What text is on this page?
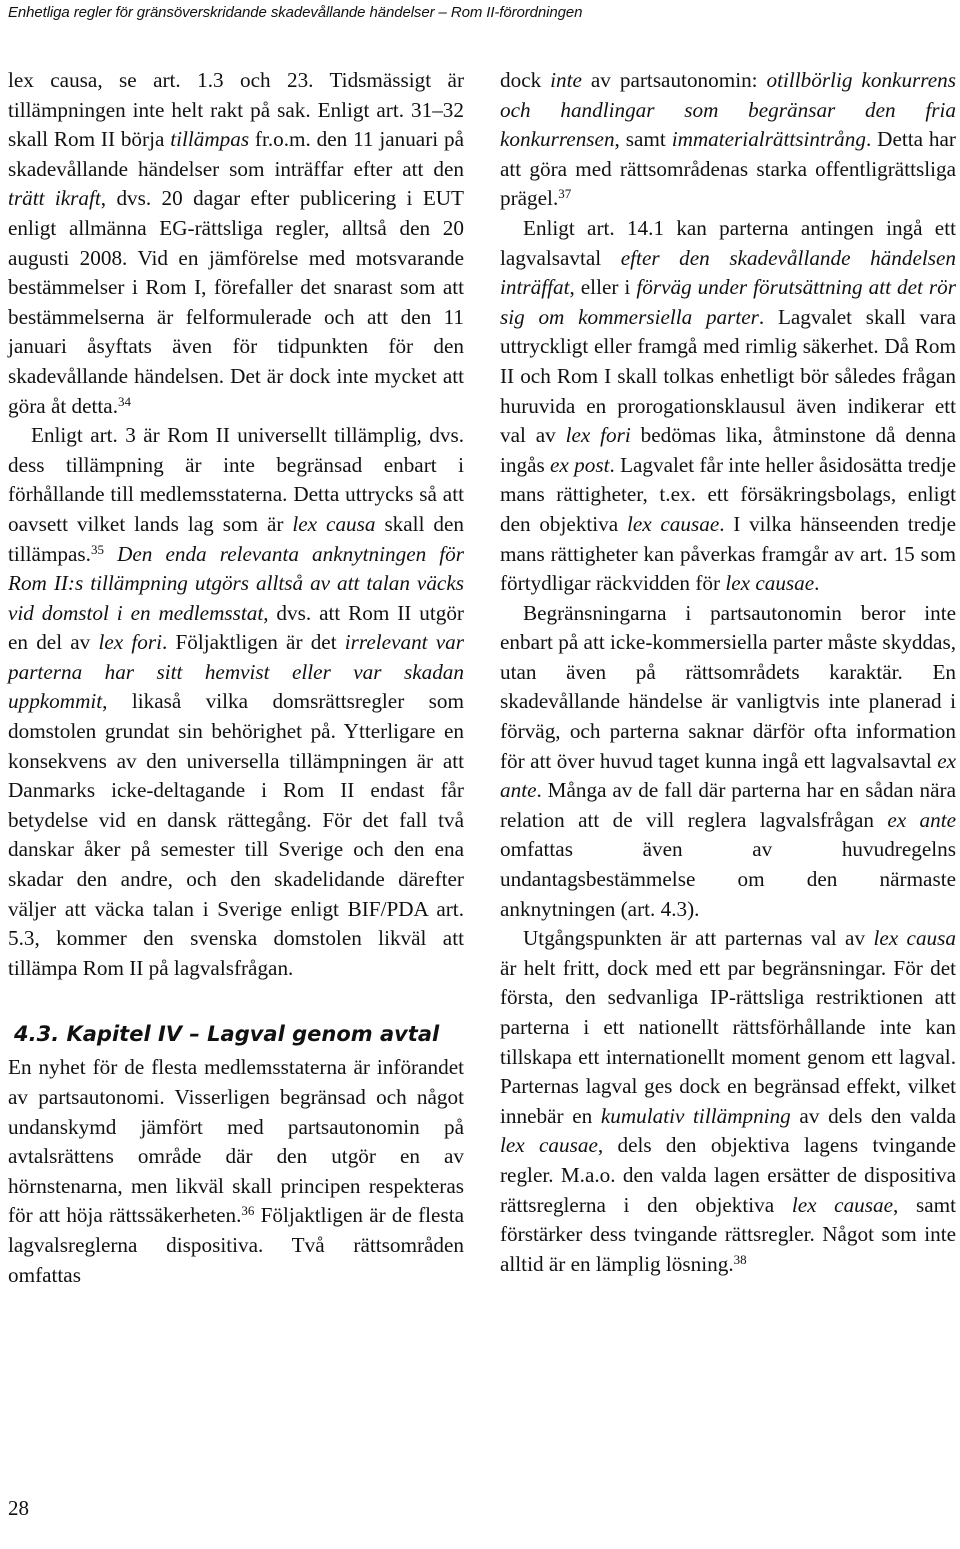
Enhetliga regler för gränsöverskridande skadevållande händelser – Rom II-förordningen

lex causa, se art. 1.3 och 23. Tidsmässigt är tillämpningen inte helt rakt på sak. Enligt art. 31–32 skall Rom II börja tillämpas fr.o.m. den 11 januari på skadevållande händelser som inträffar efter att den trätt ikraft, dvs. 20 dagar efter publicering i EUT enligt allmänna EG-rättsliga regler, alltså den 20 augusti 2008. Vid en jämförelse med motsvarande bestämmelser i Rom I, förefaller det snarast som att bestämmelserna är felformulerade och att den 11 januari åsyftats även för tidpunkten för den skadevållande händelsen. Det är dock inte mycket att göra åt detta.$^{34}$

Enligt art. 3 är Rom II universellt tillämplig, dvs. dess tillämpning är inte begränsad enbart i förhållande till medlemsstaterna. Detta uttrycks så att oavsett vilket lands lag som är lex causa skall den tillämpas.$^{35}$ Den enda relevanta anknytningen för Rom II:s tillämpning utgörs alltså av att talan väcks vid domstol i en medlemsstat, dvs. att Rom II utgör en del av lex fori. Följaktligen är det irrelevant var parterna har sitt hemvist eller var skadan uppkommit, likaså vilka domsrättsregler som domstolen grundat sin behörighet på. Ytterligare en konsekvens av den universella tillämpningen är att Danmarks icke-deltagande i Rom II endast får betydelse vid en dansk rättegång. För det fall två danskar åker på semester till Sverige och den ena skadar den andre, och den skadelidande därefter väljer att väcka talan i Sverige enligt BIF/PDA art. 5.3, kommer den svenska domstolen likväl att tillämpa Rom II på lagvalsfrågan.

4.3. Kapitel IV – Lagval genom avtal

En nyhet för de flesta medlemsstaterna är införandet av partsautonomi. Visserligen begränsad och något undanskymd jämfört med partsautonomin på avtalsrättens område där den utgör en av hörnstenarna, men likväl skall principen respekteras för att höja rättssäkerheten.$^{36}$ Följaktligen är de flesta lagvalsreglerna dispositiva. Två rättsområden omfattas

dock inte av partsautonomin: otillbörlig konkurrens och handlingar som begränsar den fria konkurrensen, samt immaterialrättsintrång. Detta har att göra med rättsområdenas starka offentligrättsliga prägel.$^{37}$

Enligt art. 14.1 kan parterna antingen ingå ett lagvalsavtal efter den skadevållande händelsen inträffat, eller i förväg under förutsättning att det rör sig om kommersiella parter. Lagvalet skall vara uttryckligt eller framgå med rimlig säkerhet. Då Rom II och Rom I skall tolkas enhetligt bör således frågan huruvida en prorogationsklausul även indikerar ett val av lex fori bedömas lika, åtminstone då denna ingås ex post. Lagvalet får inte heller åsidosätta tredje mans rättigheter, t.ex. ett försäkringsbolags, enligt den objektiva lex causae. I vilka hänseenden tredje mans rättigheter kan påverkas framgår av art. 15 som förtydligar räckvidden för lex causae.

Begränsningarna i partsautonomin beror inte enbart på att icke-kommersiella parter måste skyddas, utan även på rättsområdets karaktär. En skadevållande händelse är vanligtvis inte planerad i förväg, och parterna saknar därför ofta information för att över huvud taget kunna ingå ett lagvalsavtal ex ante. Många av de fall där parterna har en sådan nära relation att de vill reglera lagvalsfrågan ex ante omfattas även av huvudregelns undantagsbestämmelse om den närmaste anknytningen (art. 4.3).

Utgångspunkten är att parternas val av lex causa är helt fritt, dock med ett par begränsningar. För det första, den sedvanliga IP-rättsliga restriktionen att parterna i ett nationellt rättsförhållande inte kan tillskapa ett internationellt moment genom ett lagval. Parternas lagval ges dock en begränsad effekt, vilket innebär en kumulativ tillämpning av dels den valda lex causae, dels den objektiva lagens tvingande regler. M.a.o. den valda lagen ersätter de dispositiva rättsreglerna i den objektiva lex causae, samt förstärker dess tvingande rättsregler. Något som inte alltid är en lämplig lösning.$^{38}$

28
